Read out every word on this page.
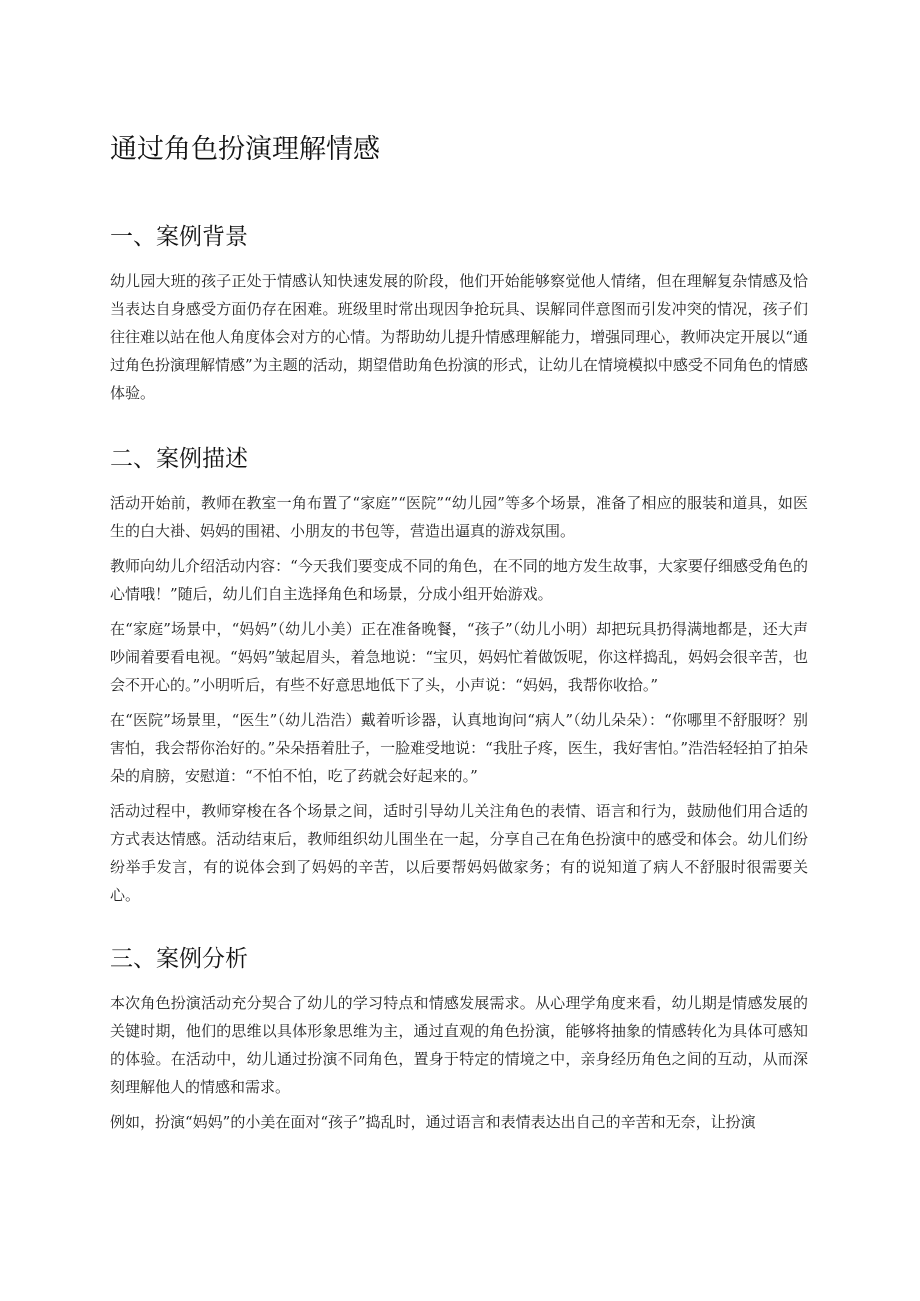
通过角色扮演理解情感
一、案例背景

幼儿园大班的孩子正处于情感认知快速发展的阶段，他们开始能够察觉他人情绪，但在理解复杂情感及恰当表达自身感受方面仍存在困难。班级里时常出现因争抢玩具、误解同伴意图而引发冲突的情况，孩子们往往难以站在他人角度体会对方的心情。为帮助幼儿提升情感理解能力，增强同理心，教师决定开展以“通过角色扮演理解情感”为主题的活动，期望借助角色扮演的形式，让幼儿在情境模拟中感受不同角色的情感体验。

二、案例描述

活动开始前，教师在教室一角布置了“家庭”“医院”“幼儿园”等多个场景，准备了相应的服装和道具，如医生的白大褂、妈妈的围裙、小朋友的书包等，营造出逼真的游戏氛围。

教师向幼儿介绍活动内容：“今天我们要变成不同的角色，在不同的地方发生故事，大家要仔细感受角色的心情哦！”随后，幼儿们自主选择角色和场景，分成小组开始游戏。

在“家庭”场景中，“妈妈”（幼儿小美）正在准备晚餐，“孩子”（幼儿小明）却把玩具扔得满地都是，还大声吵闹着要看电视。“妈妈”皱起眉头，着急地说：“宝贝，妈妈忙着做饭呢，你这样捣乱，妈妈会很辛苦，也会不开心的。”小明听后，有些不好意思地低下了头，小声说：“妈妈，我帮你收拾。”

在“医院”场景里，“医生”（幼儿浩浩）戴着听诊器，认真地询问“病人”（幼儿朵朵）：“你哪里不舒服呀？别害怕，我会帮你治好的。”朵朵捂着肚子，一脸难受地说：“我肚子疼，医生，我好害怕。”浩浩轻轻拍了拍朵朵的肩膀，安慰道：“不怕不怕，吃了药就会好起来的。”

活动过程中，教师穿梭在各个场景之间，适时引导幼儿关注角色的表情、语言和行为，鼓励他们用合适的方式表达情感。活动结束后，教师组织幼儿围坐在一起，分享自己在角色扮演中的感受和体会。幼儿们纷纷举手发言，有的说体会到了妈妈的辛苦，以后要帮妈妈做家务；有的说知道了病人不舒服时很需要关心。

三、案例分析

本次角色扮演活动充分契合了幼儿的学习特点和情感发展需求。从心理学角度来看，幼儿期是情感发展的关键时期，他们的思维以具体形象思维为主，通过直观的角色扮演，能够将抽象的情感转化为具体可感知的体验。在活动中，幼儿通过扮演不同角色，置身于特定的情境之中，亲身经历角色之间的互动，从而深刻理解他人的情感和需求。

例如，扮演“妈妈”的小美在面对“孩子”捣乱时，通过语言和表情表达出自己的辛苦和无奈，让扮演
